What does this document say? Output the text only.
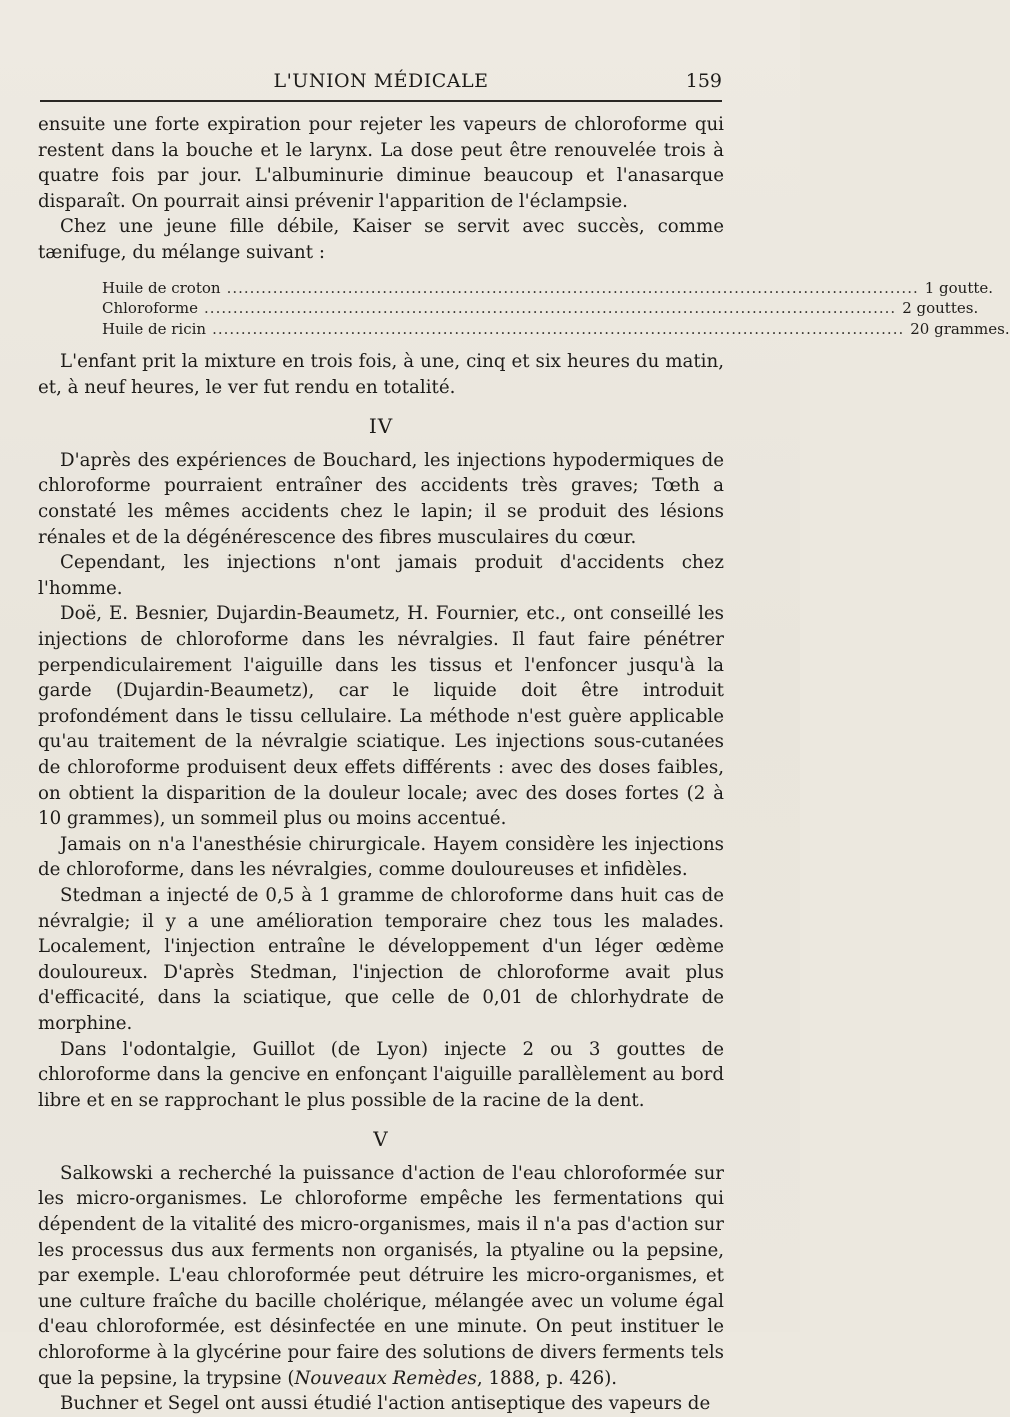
L'UNION MÉDICALE	159

ensuite une forte expiration pour rejeter les vapeurs de chloroforme qui restent dans la bouche et le larynx. La dose peut être renouvelée trois à quatre fois par jour. L'albuminurie diminue beaucoup et l'anasarque disparaît. On pourrait ainsi prévenir l'apparition de l'éclampsie.

Chez une jeune fille débile, Kaiser se servit avec succès, comme tænifuge, du mélange suivant :

Huile de croton ........................................................................................................................ 1 goutte.
Chloroforme ........................................................................................................................ 2 gouttes.
Huile de ricin ........................................................................................................................ 20 grammes.

L'enfant prit la mixture en trois fois, à une, cinq et six heures du matin, et, à neuf heures, le ver fut rendu en totalité.

IV

D'après des expériences de Bouchard, les injections hypodermiques de chloroforme pourraient entraîner des accidents très graves; Tœth a constaté les mêmes accidents chez le lapin; il se produit des lésions rénales et de la dégénérescence des fibres musculaires du cœur.

Cependant, les injections n'ont jamais produit d'accidents chez l'homme.

Doë, E. Besnier, Dujardin-Beaumetz, H. Fournier, etc., ont conseillé les injections de chloroforme dans les névralgies. Il faut faire pénétrer perpendiculairement l'aiguille dans les tissus et l'enfoncer jusqu'à la garde (Dujardin-Beaumetz), car le liquide doit être introduit profondément dans le tissu cellulaire. La méthode n'est guère applicable qu'au traitement de la névralgie sciatique. Les injections sous-cutanées de chloroforme produisent deux effets différents : avec des doses faibles, on obtient la disparition de la douleur locale; avec des doses fortes (2 à 10 grammes), un sommeil plus ou moins accentué.

Jamais on n'a l'anesthésie chirurgicale. Hayem considère les injections de chloroforme, dans les névralgies, comme douloureuses et infidèles.

Stedman a injecté de 0,5 à 1 gramme de chloroforme dans huit cas de névralgie; il y a une amélioration temporaire chez tous les malades. Localement, l'injection entraîne le développement d'un léger œdème douloureux. D'après Stedman, l'injection de chloroforme avait plus d'efficacité, dans la sciatique, que celle de 0,01 de chlorhydrate de morphine.

Dans l'odontalgie, Guillot (de Lyon) injecte 2 ou 3 gouttes de chloroforme dans la gencive en enfonçant l'aiguille parallèlement au bord libre et en se rapprochant le plus possible de la racine de la dent.

V

Salkowski a recherché la puissance d'action de l'eau chloroformée sur les micro-organismes. Le chloroforme empêche les fermentations qui dépendent de la vitalité des micro-organismes, mais il n'a pas d'action sur les processus dus aux ferments non organisés, la ptyaline ou la pepsine, par exemple. L'eau chloroformée peut détruire les micro-organismes, et une culture fraîche du bacille cholérique, mélangée avec un volume égal d'eau chloroformée, est désinfectée en une minute. On peut instituer le chloroforme à la glycérine pour faire des solutions de divers ferments tels que la pepsine, la trypsine (Nouveaux Remèdes, 1888, p. 426).

Buchner et Segel ont aussi étudié l'action antiseptique des vapeurs de
